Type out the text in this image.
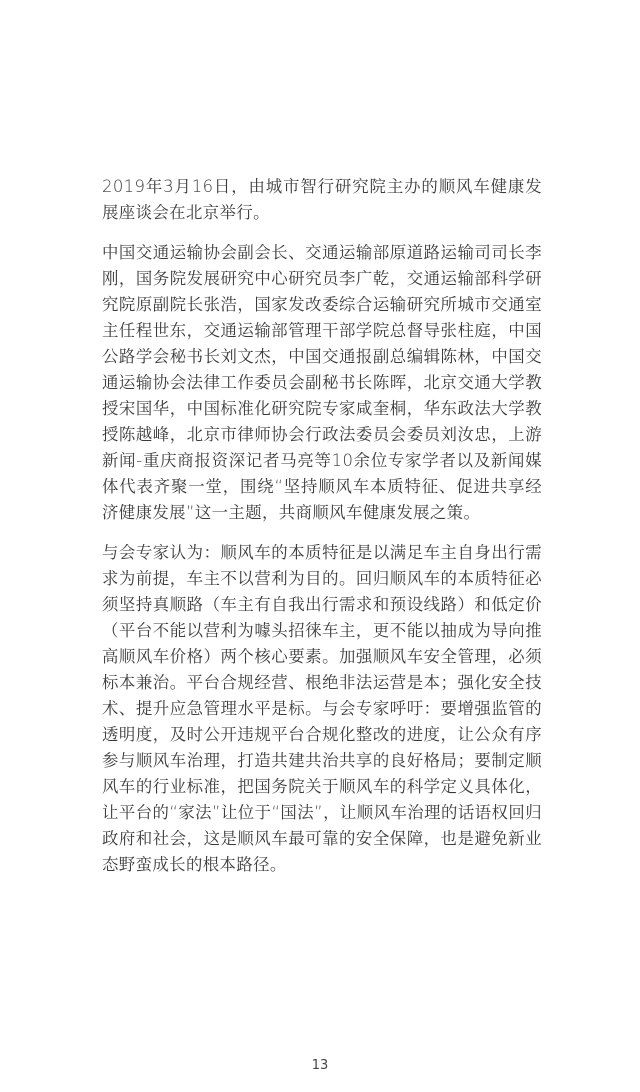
2019年3月16日，由城市智行研究院主办的顺风车健康发展座谈会在北京举行。

中国交通运输协会副会长、交通运输部原道路运输司司长李刚，国务院发展研究中心研究员李广乾，交通运输部科学研究院原副院长张浩，国家发改委综合运输研究所城市交通室主任程世东，交通运输部管理干部学院总督导张柱庭，中国公路学会秘书长刘文杰，中国交通报副总编辑陈林，中国交通运输协会法律工作委员会副秘书长陈晖，北京交通大学教授宋国华，中国标准化研究院专家咸奎桐，华东政法大学教授陈越峰，北京市律师协会行政法委员会委员刘汝忠，上游新闻-重庆商报资深记者马亮等10余位专家学者以及新闻媒体代表齐聚一堂，围绕“坚持顺风车本质特征、促进共享经济健康发展”这一主题，共商顺风车健康发展之策。

与会专家认为：顺风车的本质特征是以满足车主自身出行需求为前提，车主不以营利为目的。回归顺风车的本质特征必须坚持真顺路（车主有自我出行需求和预设线路）和低定价（平台不能以营利为噱头招徕车主，更不能以抽成为导向推高顺风车价格）两个核心要素。加强顺风车安全管理，必须标本兼治。平台合规经营、根绝非法运营是本；强化安全技术、提升应急管理水平是标。与会专家呼吁：要增强监管的透明度，及时公开违规平台合规化整改的进度，让公众有序参与顺风车治理，打造共建共治共享的良好格局；要制定顺风车的行业标准，把国务院关于顺风车的科学定义具体化，让平台的“家法”让位于“国法”，让顺风车治理的话语权回归政府和社会，这是顺风车最可靠的安全保障，也是避免新业态野蛮成长的根本路径。

13
